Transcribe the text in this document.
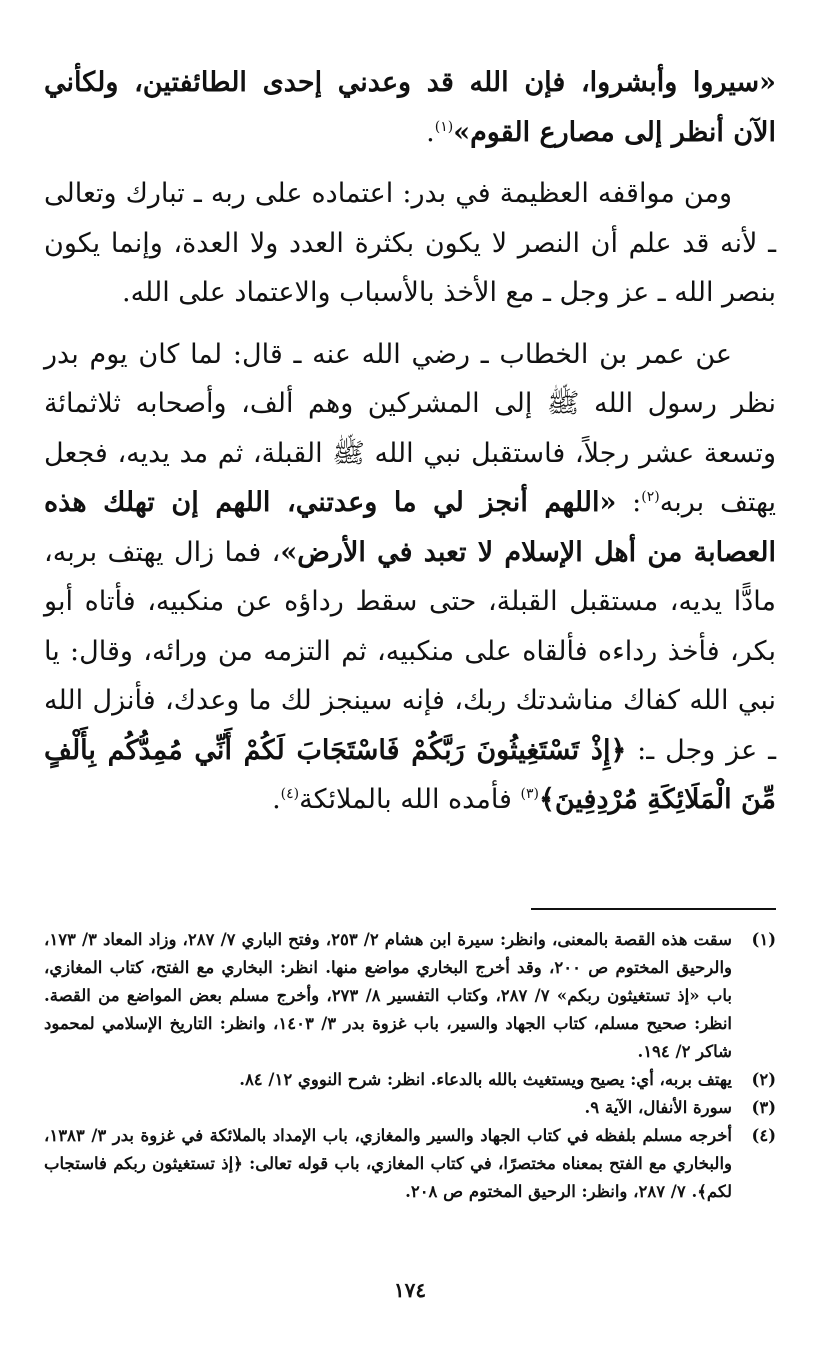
«سيروا وأبشروا، فإن الله قد وعدني إحدى الطائفتين، ولكأني الآن أنظر إلى مصارع القوم»$^{(١)}$.

ومن مواقفه العظيمة في بدر: اعتماده على ربه ـ تبارك وتعالى ـ لأنه قد علم أن النصر لا يكون بكثرة العدد ولا العدة، وإنما يكون بنصر الله ـ عز وجل ـ مع الأخذ بالأسباب والاعتماد على الله.

عن عمر بن الخطاب ـ رضي الله عنه ـ قال: لما كان يوم بدر نظر رسول الله ﷺ إلى المشركين وهم ألف، وأصحابه ثلاثمائة وتسعة عشر رجلاً، فاستقبل نبي الله ﷺ القبلة، ثم مد يديه، فجعل يهتف بربه$^{(٢)}$: «اللهم أنجز لي ما وعدتني، اللهم إن تهلك هذه العصابة من أهل الإسلام لا تعبد في الأرض»، فما زال يهتف بربه، مادًّا يديه، مستقبل القبلة، حتى سقط رداؤه عن منكبيه، فأتاه أبو بكر، فأخذ رداءه فألقاه على منكبيه، ثم التزمه من ورائه، وقال: يا نبي الله كفاك مناشدتك ربك، فإنه سينجز لك ما وعدك، فأنزل الله ـ عز وجل ـ: ﴿إِذْ تَسْتَغِيثُونَ رَبَّكُمْ فَاسْتَجَابَ لَكُمْ أَنِّي مُمِدُّكُم بِأَلْفٍ مِّنَ الْمَلَائِكَةِ مُرْدِفِينَ﴾$^{(٣)}$ فأمده الله بالملائكة$^{(٤)}$.

(١)
سقت هذه القصة بالمعنى، وانظر: سيرة ابن هشام ٢/ ٢٥٣، وفتح الباري ٧/ ٢٨٧، وزاد المعاد ٣/ ١٧٣، والرحيق المختوم ص ٢٠٠، وقد أخرج البخاري مواضع منها. انظر: البخاري مع الفتح، كتاب المغازي، باب «إذ تستغيثون ربكم» ٧/ ٢٨٧، وكتاب التفسير ٨/ ٢٧٣، وأخرج مسلم بعض المواضع من القصة. انظر: صحيح مسلم، كتاب الجهاد والسير، باب غزوة بدر ٣/ ١٤٠٣، وانظر: التاريخ الإسلامي لمحمود شاكر ٢/ ١٩٤.
(٢)
يهتف بربه، أي: يصيح ويستغيث بالله بالدعاء. انظر: شرح النووي ١٢/ ٨٤.
(٣)
سورة الأنفال، الآية ٩.
(٤)
أخرجه مسلم بلفظه في كتاب الجهاد والسير والمغازي، باب الإمداد بالملائكة في غزوة بدر ٣/ ١٣٨٣، والبخاري مع الفتح بمعناه مختصرًا، في كتاب المغازي، باب قوله تعالى: ﴿إذ تستغيثون ربكم فاستجاب لكم﴾. ٧/ ٢٨٧، وانظر: الرحيق المختوم ص ٢٠٨.
١٧٤
